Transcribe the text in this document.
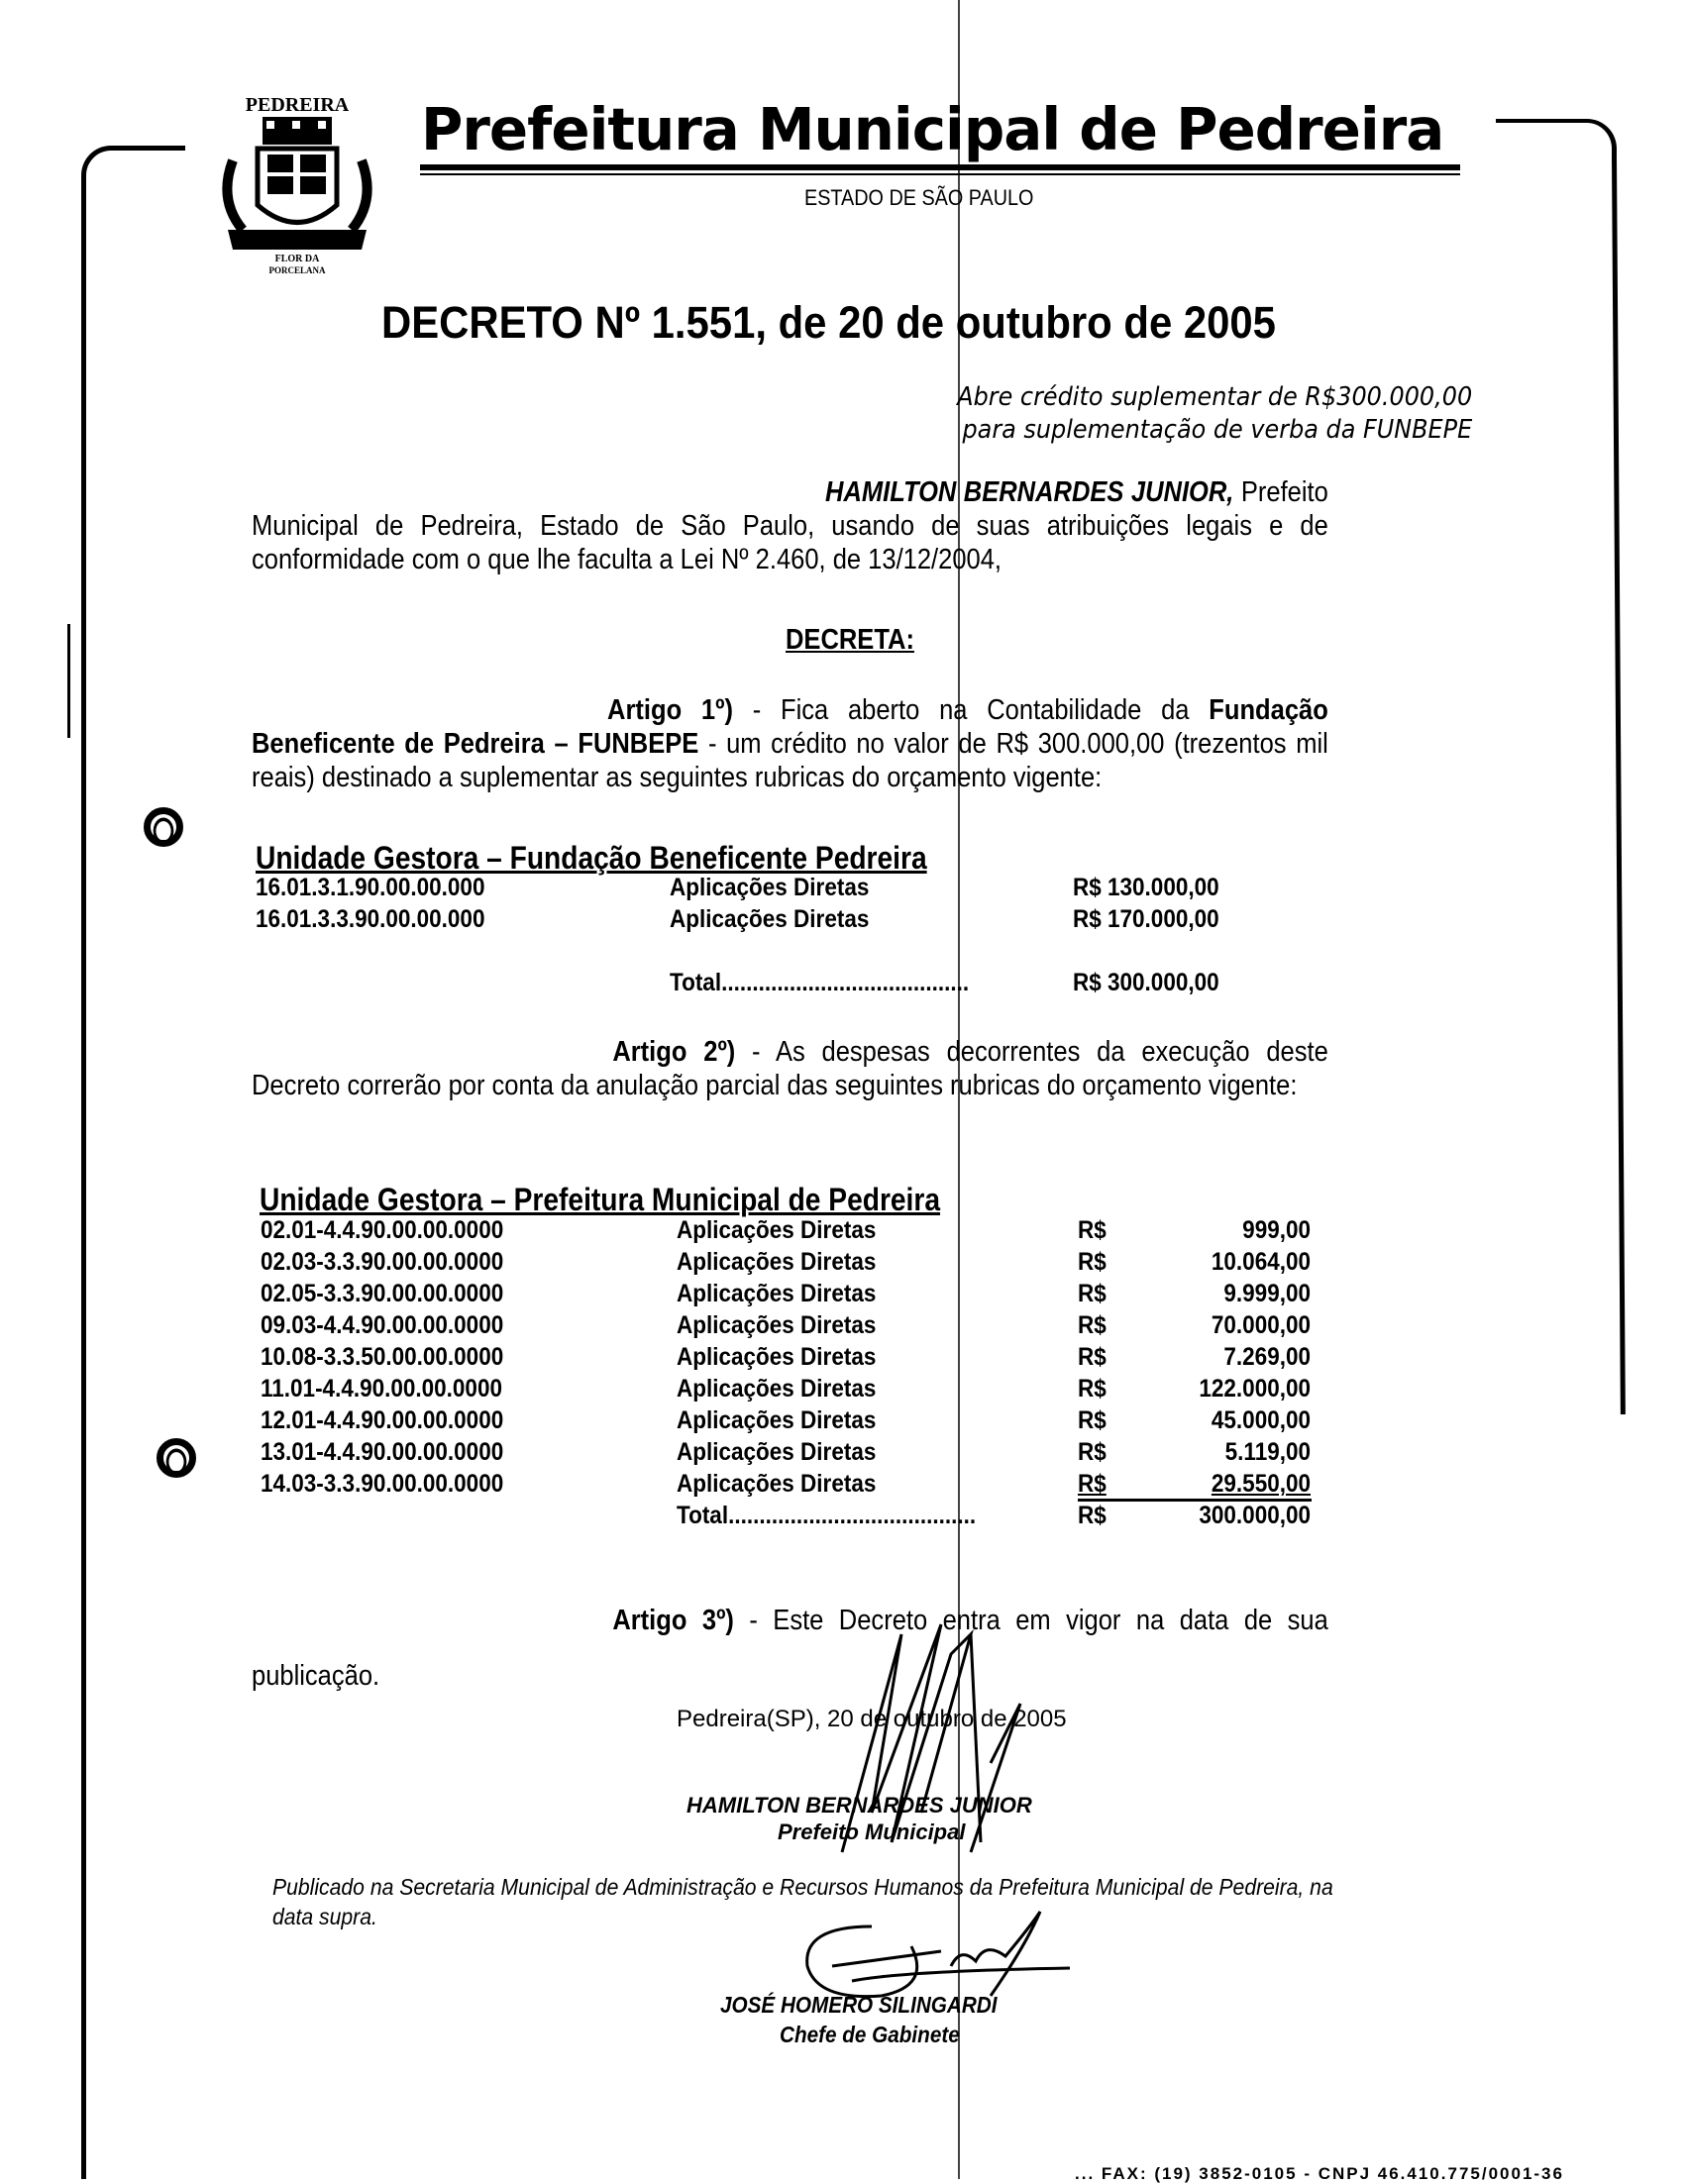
PEDREIRA
FLOR DA
PORCELANA
Prefeitura Municipal de Pedreira
ESTADO DE SÃO PAULO
DECRETO Nº 1.551, de 20 de outubro de 2005
Abre crédito suplementar de R$300.000,00
para suplementação de verba da FUNBEPE
HAMILTON BERNARDES JUNIOR, Prefeito Municipal de Pedreira, Estado de São Paulo, usando de suas atribuições legais e de conformidade com o que lhe faculta a Lei Nº 2.460, de 13/12/2004,
DECRETA:
Artigo 1º) - Fica aberto na Contabilidade da Fundação Beneficente de Pedreira – FUNBEPE - um crédito no valor de R$ 300.000,00 (trezentos mil reais) destinado a suplementar as seguintes rubricas do orçamento vigente:
Unidade Gestora – Fundação Beneficente Pedreira
16.01.3.1.90.00.00.000	Aplicações Diretas	R$ 130.000,00
16.01.3.3.90.00.00.000	Aplicações Diretas	R$ 170.000,00
Total........................................	R$ 300.000,00
Artigo 2º) - As despesas decorrentes da execução deste Decreto correrão por conta da anulação parcial das seguintes rubricas do orçamento vigente:
Unidade Gestora – Prefeitura Municipal de Pedreira
02.01-4.4.90.00.00.0000	Aplicações Diretas	R$	999,00
02.03-3.3.90.00.00.0000	Aplicações Diretas	R$	10.064,00
02.05-3.3.90.00.00.0000	Aplicações Diretas	R$	9.999,00
09.03-4.4.90.00.00.0000	Aplicações Diretas	R$	70.000,00
10.08-3.3.50.00.00.0000	Aplicações Diretas	R$	7.269,00
11.01-4.4.90.00.00.0000	Aplicações Diretas	R$	122.000,00
12.01-4.4.90.00.00.0000	Aplicações Diretas	R$	45.000,00
13.01-4.4.90.00.00.0000	Aplicações Diretas	R$	5.119,00
14.03-3.3.90.00.00.0000	Aplicações Diretas	R$	29.550,00
Total........................................	R$	300.000,00
Artigo 3º) - Este Decreto entra em vigor na data de sua publicação.
Pedreira(SP), 20 de outubro de 2005
HAMILTON BERNARDES JUNIOR
Prefeito Municipal
Publicado na Secretaria Municipal de Administração e Recursos Humanos da Prefeitura Municipal de Pedreira, na data supra.
JOSÉ HOMERO SILINGARDI
Chefe de Gabinete
... FAX: (19) 3852-0105 - CNPJ 46.410.775/0001-36
